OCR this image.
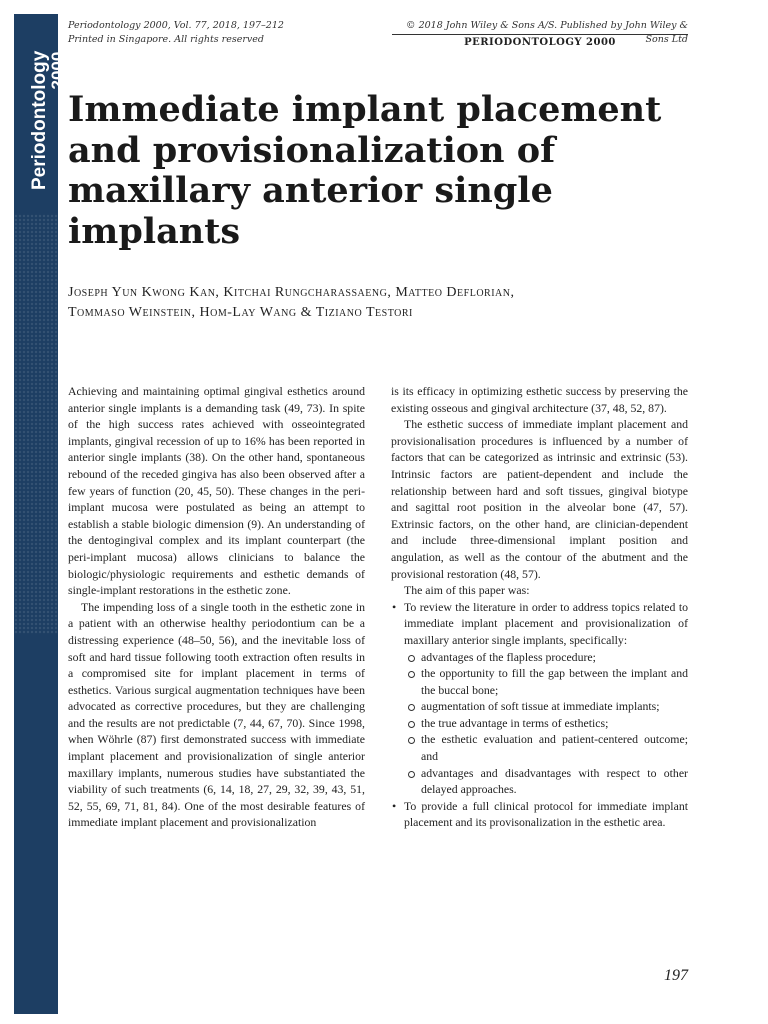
Periodontology
2000
Periodontology 2000, Vol. 77, 2018, 197–212
Printed in Singapore. All rights reserved
© 2018 John Wiley & Sons A/S. Published by John Wiley & Sons Ltd
PERIODONTOLOGY 2000
Immediate implant placement and provisionalization of maxillary anterior single implants
Joseph Yun Kwong Kan, Kitchai Rungcharassaeng, Matteo Deflorian,
Tommaso Weinstein, Hom-Lay Wang & Tiziano Testori

Achieving and maintaining optimal gingival esthetics around anterior single implants is a demanding task (49, 73). In spite of the high success rates achieved with osseointegrated implants, gingival recession of up to 16% has been reported in anterior single implants (38). On the other hand, spontaneous rebound of the receded gingiva has also been observed after a few years of function (20, 45, 50). These changes in the peri-implant mucosa were postulated as being an attempt to establish a stable biologic dimension (9). An understanding of the dentogingival complex and its implant counterpart (the peri-implant mucosa) allows clinicians to balance the biologic/physiologic requirements and esthetic demands of single-implant restorations in the esthetic zone.

The impending loss of a single tooth in the esthetic zone in a patient with an otherwise healthy periodontium can be a distressing experience (48–50, 56), and the inevitable loss of soft and hard tissue following tooth extraction often results in a compromised site for implant placement in terms of esthetics. Various surgical augmentation techniques have been advocated as corrective procedures, but they are challenging and the results are not predictable (7, 44, 67, 70). Since 1998, when Wöhrle (87) first demonstrated success with immediate implant placement and provisionalization of single anterior maxillary implants, numerous studies have substantiated the viability of such treatments (6, 14, 18, 27, 29, 32, 39, 43, 51, 52, 55, 69, 71, 81, 84). One of the most desirable features of immediate implant placement and provisionalization

is its efficacy in optimizing esthetic success by preserving the existing osseous and gingival architecture (37, 48, 52, 87).

The esthetic success of immediate implant placement and provisionalisation procedures is influenced by a number of factors that can be categorized as intrinsic and extrinsic (53). Intrinsic factors are patient-dependent and include the relationship between hard and soft tissues, gingival biotype and sagittal root position in the alveolar bone (47, 57). Extrinsic factors, on the other hand, are clinician-dependent and include three-dimensional implant position and angulation, as well as the contour of the abutment and the provisional restoration (48, 57).

The aim of this paper was:

• To review the literature in order to address topics related to immediate implant placement and provisionalization of maxillary anterior single implants, specifically:
advantages of the flapless procedure;
the opportunity to fill the gap between the implant and the buccal bone;
augmentation of soft tissue at immediate implants;
the true advantage in terms of esthetics;
the esthetic evaluation and patient-centered outcome; and
advantages and disadvantages with respect to other delayed approaches.
• To provide a full clinical protocol for immediate implant placement and its provisonalization in the esthetic area.
197
